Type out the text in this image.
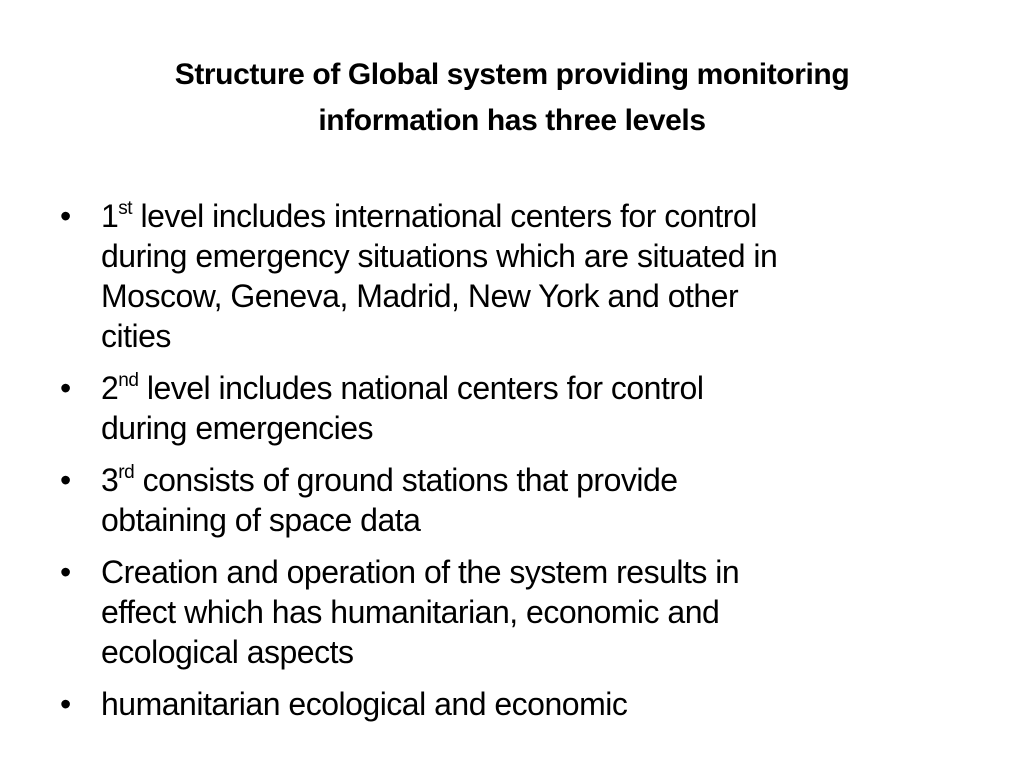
Structure of Global system providing monitoring
information has three levels
• 1st level includes international centers for control
during emergency situations which are situated in
Moscow, Geneva, Madrid, New York and other
cities
• 2nd level includes national centers for control
during emergencies
• 3rd consists of ground stations that provide
obtaining of space data
• Creation and operation of the system results in
effect which has humanitarian, economic and
ecological aspects
• humanitarian ecological and economic
